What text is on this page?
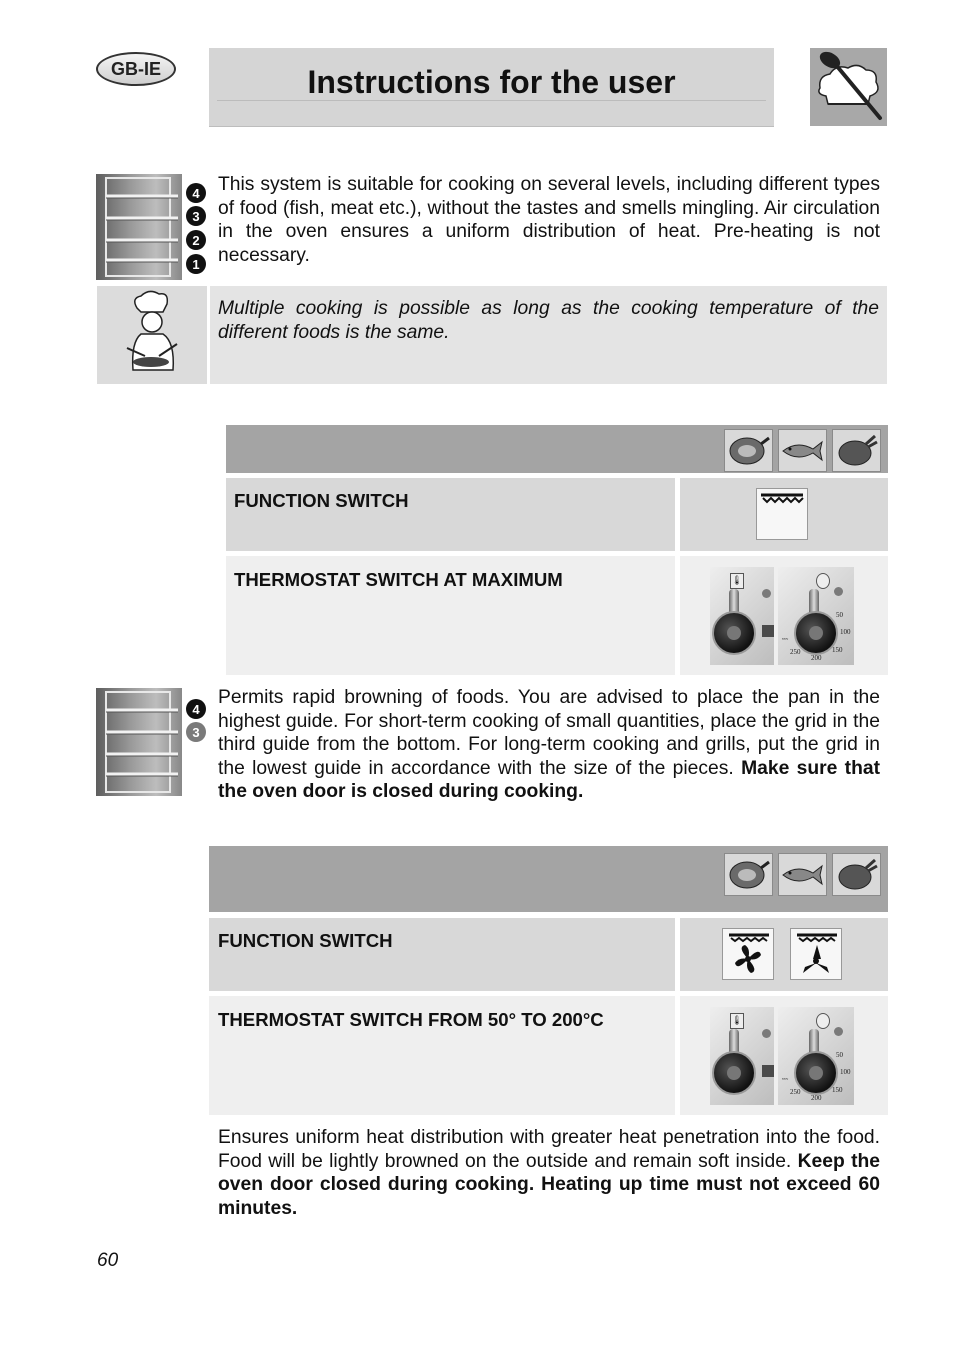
GB-IE	Instructions for the user
4
3
2
1
This system is suitable for cooking on several levels, including different types of food (fish, meat etc.), without the tastes and smells mingling. Air circulation in the oven ensures a uniform distribution of heat. Pre-heating is not necessary.
Multiple cooking is possible as long as the cooking temperature of the different foods is the same.
FUNCTION SWITCH
THERMOSTAT SWITCH AT MAXIMUM	🌡
50
100
150
200
250
ᵛᵛᵛ
4
3
Permits rapid browning of foods. You are advised to place the pan in the highest guide. For short-term cooking of small quantities, place the grid in the third guide from the bottom. For long-term cooking and grills, put the grid in the lowest guide in accordance with the size of the pieces. Make sure that the oven door is closed during cooking.
FUNCTION SWITCH
THERMOSTAT SWITCH FROM 50° TO 200°C	🌡
50
100
150
200
250
ᵛᵛᵛ
Ensures uniform heat distribution with greater heat penetration into the food. Food will be lightly browned on the outside and remain soft inside. Keep the oven door closed during cooking. Heating up time must not exceed 60 minutes.
60
